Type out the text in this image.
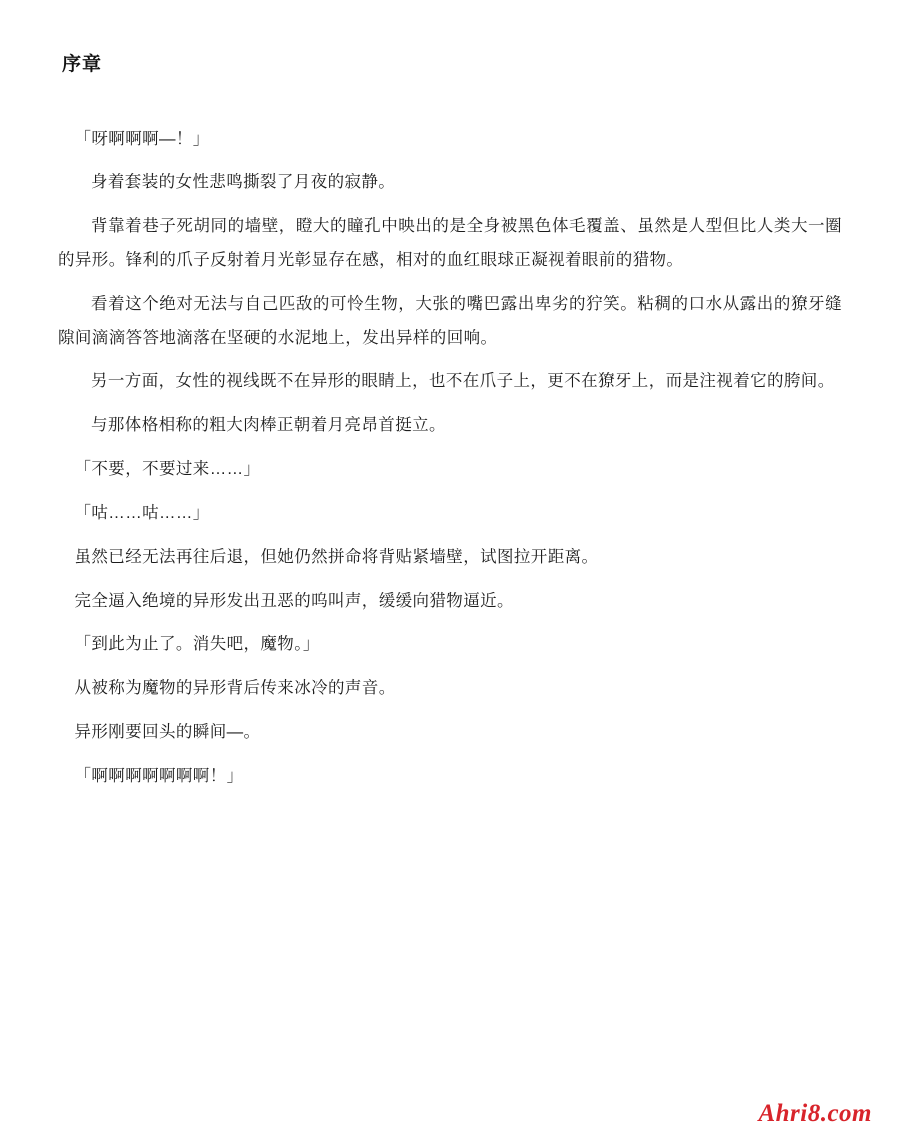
序章

「呀啊啊啊—！」

身着套装的女性悲鸣撕裂了月夜的寂静。

背靠着巷子死胡同的墙壁，瞪大的瞳孔中映出的是全身被黑色体毛覆盖、虽然是人型但比人类大一圈的异形。锋利的爪子反射着月光彰显存在感，相对的血红眼球正凝视着眼前的猎物。

看着这个绝对无法与自己匹敌的可怜生物，大张的嘴巴露出卑劣的狞笑。粘稠的口水从露出的獠牙缝隙间滴滴答答地滴落在坚硬的水泥地上，发出异样的回响。

另一方面，女性的视线既不在异形的眼睛上，也不在爪子上，更不在獠牙上，而是注视着它的胯间。

与那体格相称的粗大肉棒正朝着月亮昂首挺立。

「不要，不要过来……」

「咕……咕……」

虽然已经无法再往后退，但她仍然拼命将背贴紧墙壁，试图拉开距离。

完全逼入绝境的异形发出丑恶的呜叫声，缓缓向猎物逼近。

「到此为止了。消失吧，魔物。」

从被称为魔物的异形背后传来冰冷的声音。

异形刚要回头的瞬间—。

「啊啊啊啊啊啊啊！」

Ahri8.com
